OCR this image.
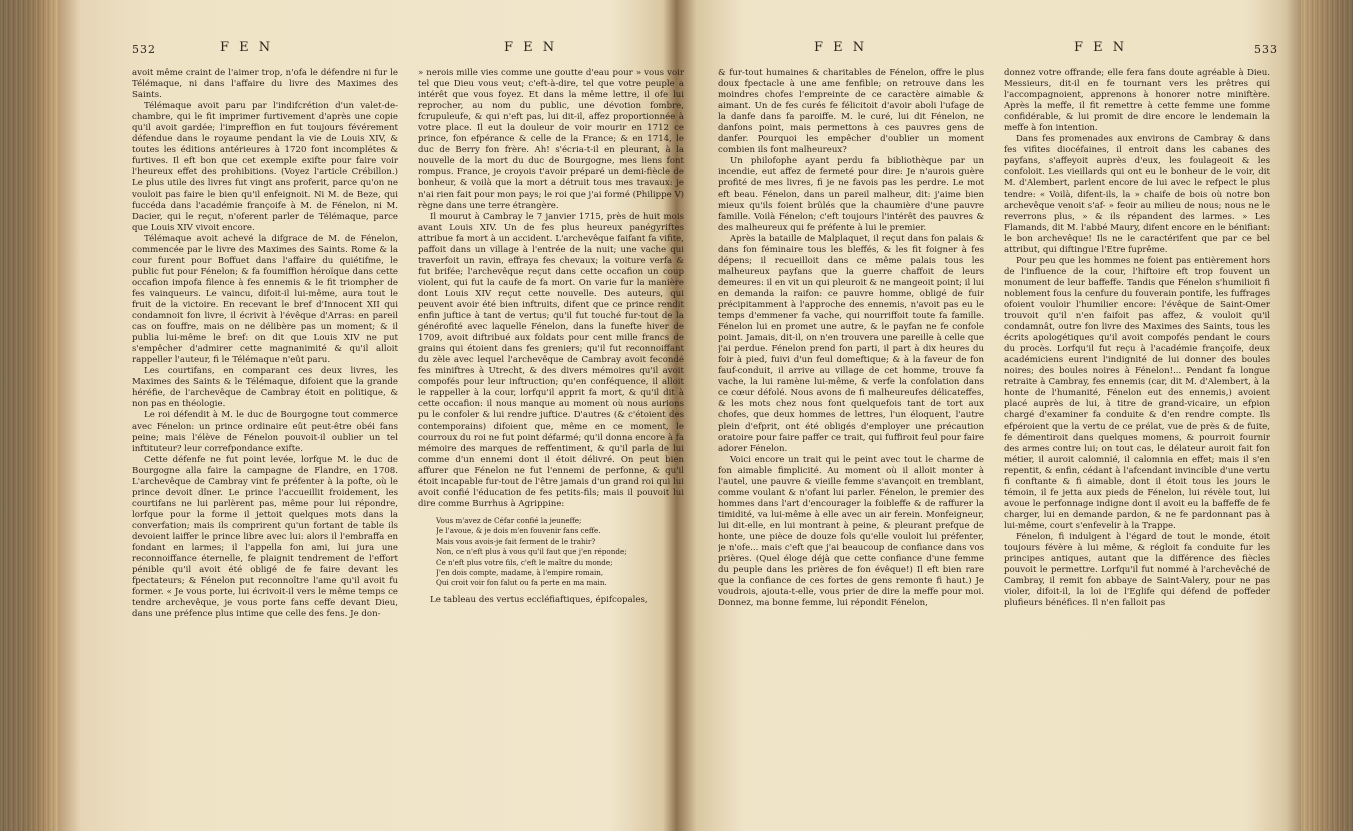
532	F E N	F E N

avoit même craint de l'aimer trop, n'ofa le défendre ni fur le Télémaque, ni dans l'affaire du livre des Maximes des Saints.

Télémaque avoit paru par l'indifcrétion d'un valet-de-chambre, qui le fit imprimer furtivement d'après une copie qu'il avoit gardée; l'impreffion en fut toujours févérement défendue dans le royaume pendant la vie de Louis XIV, & toutes les éditions antérieures à 1720 font incomplétes & furtives. Il eft bon que cet exemple exifte pour faire voir l'heureux effet des prohibitions. (Voyez l'article Crébillon.) Le plus utile des livres fut vingt ans proferit, parce qu'on ne vouloit pas faire le bien qu'il enfeignoit. Ni M. de Beze, qui fuccéda dans l'académie françoife à M. de Fénelon, ni M. Dacier, qui le reçut, n'oferent parler de Télémaque, parce que Louis XIV vivoit encore.

Télémaque avoit achevé la difgrace de M. de Fénelon, commencée par le livre des Maximes des Saints. Rome & la cour furent pour Boffuet dans l'affaire du quiétifme, le public fut pour Fénelon; & fa foumiffion héroïque dans cette occafion impofa filence à fes ennemis & le fit triompher de fes vainqueurs. Le vaincu, difoit-il lui-même, aura tout le fruit de la victoire. En recevant le bref d'Innocent XII qui condamnoit fon livre, il écrivit à l'évêque d'Arras: en pareil cas on fouffre, mais on ne délibère pas un moment; & il publia lui-même le bref: on dit que Louis XIV ne put s'empêcher d'admirer cette magnanimité & qu'il alloit rappeller l'auteur, fi le Télémaque n'eût paru.

Les courtifans, en comparant ces deux livres, les Maximes des Saints & le Télémaque, difoient que la grande héréfie, de l'archevêque de Cambray étoit en politique, & non pas en théologie.

Le roi défendit à M. le duc de Bourgogne tout commerce avec Fénelon: un prince ordinaire eût peut-être obéi fans peine; mais l'élève de Fénelon pouvoit-il oublier un tel inftituteur? leur correfpondance exifte.

Cette défenfe ne fut point levée, lorfque M. le duc de Bourgogne alla faire la campagne de Flandre, en 1708. L'archevêque de Cambray vint fe préfenter à la pofte, où le prince devoit dîner. Le prince l'accueillit froidement, les courtifans ne lui parlèrent pas, même pour lui répondre, lorfque pour la forme il jettoit quelques mots dans la converfation; mais ils comprirent qu'un fortant de table ils devoient laiffer le prince libre avec lui: alors il l'embraffa en fondant en larmes; il l'appella fon ami, lui jura une reconnoiffance éternelle, fe plaignit tendrement de l'effort pénible qu'il avoit été obligé de fe faire devant les fpectateurs; & Fénelon put reconnoître l'ame qu'il avoit fu former. « Je vous porte, lui écrivoit-il vers le même temps ce tendre archevêque, je vous porte fans ceffe devant Dieu, dans une préfence plus intime que celle des fens. Je don-

» nerois mille vies comme une goutte d'eau pour » vous voir tel que Dieu vous veut; c'eft-à-dire, tel que votre peuple a intérêt que vous foyez. Et dans la même lettre, il ofe lui reprocher, au nom du public, une dévotion fombre, fcrupuleufe, & qui n'eft pas, lui dit-il, affez proportionnée à votre place. Il eut la douleur de voir mourir en 1712 ce prince, fon efpérance & celle de la France; & en 1714, le duc de Berry fon frère. Ah! s'écria-t-il en pleurant, à la nouvelle de la mort du duc de Bourgogne, mes liens font rompus. France, je croyois t'avoir préparé un demi-fiècle de bonheur, & voilà que la mort a détruit tous mes travaux: je n'ai rien fait pour mon pays; le roi que j'ai formé (Philippe V) règne dans une terre étrangère.

Il mourut à Cambray le 7 janvier 1715, près de huit mois avant Louis XIV. Un de fes plus heureux panégyriftes attribue fa mort à un accident. L'archevêque faifant fa vifite, paffoit dans un village à l'entrée de la nuit; une vache qui traverfoit un ravin, effraya fes chevaux; la voiture verfa & fut brifée; l'archevêque reçut dans cette occafion un coup violent, qui fut la caufe de fa mort. On varie fur la manière dont Louis XIV reçut cette nouvelle. Des auteurs, qui peuvent avoir été bien inftruits, difent que ce prince rendit enfin juftice à tant de vertus; qu'il fut touché fur-tout de la générofité avec laquelle Fénelon, dans la funefte hiver de 1709, avoit diftribué aux foldats pour cent mille francs de grains qui étoient dans fes greniers; qu'il fut reconnoiffant du zèle avec lequel l'archevêque de Cambray avoit fecondé fes miniftres à Utrecht, & des divers mémoires qu'il avoit compofés pour leur inftruction; qu'en conféquence, il alloit le rappeller à la cour, lorfqu'il apprit fa mort, & qu'il dit à cette occafion: il nous manque au moment où nous aurions pu le confoler & lui rendre juftice. D'autres (& c'étoient des contemporains) difoient que, même en ce moment, le courroux du roi ne fut point défarmé; qu'il donna encore à fa mémoire des marques de reffentiment, & qu'il parla de lui comme d'un ennemi dont il étoit délivré. On peut bien affurer que Fénelon ne fut l'ennemi de perfonne, & qu'il étoit incapable fur-tout de l'être jamais d'un grand roi qui lui avoit confié l'éducation de fes petits-fils; mais il pouvoit lui dire comme Burrhus à Agrippine:

Vous m'avez de Céfar confié la jeuneffe;
Je l'avoue, & je dois m'en fouvenir fans ceffe.
Mais vous avois-je fait ferment de le trahir?
Non, ce n'eft plus à vous qu'il faut que j'en réponde;
Ce n'eft plus votre fils, c'eft le maître du monde;
J'en dois compte, madame, à l'empire romain,
Qui croit voir fon falut ou fa perte en ma main.

Le tableau des vertus eccléfiaftiques, épifcopales,

F E N	F E N	533

& fur-tout humaines & charitables de Fénelon, offre le plus doux fpectacle à une ame fenfible; on retrouve dans les moindres chofes l'empreinte de ce caractère aimable & aimant. Un de fes curés fe félicitoit d'avoir aboli l'ufage de la danfe dans fa paroiffe. M. le curé, lui dit Fénelon, ne danfons point, mais permettons à ces pauvres gens de danfer. Pourquoi les empêcher d'oublier un moment combien ils font malheureux?

Un philofophe ayant perdu fa bibliothèque par un incendie, eut affez de fermeté pour dire: Je n'aurois guère profité de mes livres, fi je ne favois pas les perdre. Le mot eft beau. Fénelon, dans un pareil malheur, dit: j'aime bien mieux qu'ils foient brûlés que la chaumière d'une pauvre famille. Voilà Fénelon; c'eft toujours l'intérêt des pauvres & des malheureux qui fe préfente à lui le premier.

Après la bataille de Malplaquet, il reçut dans fon palais & dans fon féminaire tous les bleffés, & les fit foigner à fes dépens; il recueilloit dans ce même palais tous les malheureux payfans que la guerre chaffoit de leurs demeures: il en vit un qui pleuroit & ne mangeoit point; il lui en demanda la raifon: ce pauvre homme, obligé de fuir précipitamment à l'approche des ennemis, n'avoit pas eu le temps d'emmener fa vache, qui nourriffoit toute fa famille. Fénelon lui en promet une autre, & le payfan ne fe confole point. Jamais, dit-il, on n'en trouvera une pareille à celle que j'ai perdue. Fénelon prend fon parti, il part à dix heures du foir à pied, fuivi d'un feul domeftique; & à la faveur de fon fauf-conduit, il arrive au village de cet homme, trouve fa vache, la lui ramène lui-même, & verfe la confolation dans ce cœur défolé. Nous avons de fi malheureufes délicateffes, & les mots chez nous font quelquefois tant de tort aux chofes, que deux hommes de lettres, l'un éloquent, l'autre plein d'efprit, ont été obligés d'employer une précaution oratoire pour faire paffer ce trait, qui fuffiroit feul pour faire adorer Fénelon.

Voici encore un trait qui le peint avec tout le charme de fon aimable fimplicité. Au moment où il alloit monter à l'autel, une pauvre & vieille femme s'avançoit en tremblant, comme voulant & n'ofant lui parler. Fénelon, le premier des hommes dans l'art d'encourager la foibleffe & de raffurer la timidité, va lui-même à elle avec un air ferein. Monfeigneur, lui dit-elle, en lui montrant à peine, & pleurant prefque de honte, une pièce de douze fols qu'elle vouloit lui préfenter, je n'ofe... mais c'eft que j'ai beaucoup de confiance dans vos prières. (Quel éloge déjà que cette confiance d'une femme du peuple dans les prières de fon évêque!) Il eft bien rare que la confiance de ces fortes de gens remonte fi haut.) Je voudrois, ajouta-t-elle, vous prier de dire la meffe pour moi. Donnez, ma bonne femme, lui répondit Fénelon,

donnez votre offrande; elle fera fans doute agréable à Dieu. Messieurs, dit-il en fe tournant vers les prêtres qui l'accompagnoient, apprenons à honorer notre miniftère. Après la meffe, il fit remettre à cette femme une fomme confidérable, & lui promit de dire encore le lendemain la meffe à fon intention.

Dans fes promenades aux environs de Cambray & dans fes vifites diocéfaines, il entroit dans les cabanes des payfans, s'affeyoit auprès d'eux, les foulageoit & les confoloit. Les vieillards qui ont eu le bonheur de le voir, dit M. d'Alembert, parlent encore de lui avec le refpect le plus tendre: « Voilà, difent-ils, la » chaife de bois où notre bon archevêque venoit s'af- » feoir au milieu de nous; nous ne le reverrons plus, » & ils répandent des larmes. » Les Flamands, dit M. l'abbé Maury, difent encore en le bénifiant: le bon archevêque! Ils ne le caractérifent que par ce bel attribut, qui diftingue l'Etre fuprême.

Pour peu que les hommes ne foient pas entièrement hors de l'influence de la cour, l'hiftoire eft trop fouvent un monument de leur baffeffe. Tandis que Fénelon s'humilioit fi noblement fous la cenfure du fouverain pontife, les fuffrages ofoient vouloir l'humilier encore: l'évêque de Saint-Omer trouvoit qu'il n'en faifoit pas affez, & vouloit qu'il condamnât, outre fon livre des Maximes des Saints, tous les écrits apologétiques qu'il avoit compofés pendant le cours du procès. Lorfqu'il fut reçu à l'académie françoife, deux académiciens eurent l'indignité de lui donner des boules noires; des boules noires à Fénelon!... Pendant fa longue retraite à Cambray, fes ennemis (car, dit M. d'Alembert, à la honte de l'humanité, Fénelon eut des ennemis,) avoient placé auprès de lui, à titre de grand-vicaire, un efpion chargé d'examiner fa conduite & d'en rendre compte. Ils efpéroient que la vertu de ce prélat, vue de près & de fuite, fe démentiroit dans quelques momens, & pourroit fournir des armes contre lui; on tout cas, le délateur auroit fait fon métier, il auroit calomnié, il calomnia en effet; mais il s'en repentit, & enfin, cédant à l'afcendant invincible d'une vertu fi conftante & fi aimable, dont il étoit tous les jours le témoin, il fe jetta aux pieds de Fénelon, lui révèle tout, lui avoue le perfonnage indigne dont il avoit eu la baffeffe de fe charger, lui en demande pardon, & ne fe pardonnant pas à lui-même, court s'enfevelir à la Trappe.

Fénelon, fi indulgent à l'égard de tout le monde, étoit toujours févère à lui même, & régloit fa conduite fur les principes antiques, autant que la différence des fiècles pouvoit le permettre. Lorfqu'il fut nommé à l'archevêché de Cambray, il remit fon abbaye de Saint-Valery, pour ne pas violer, difoit-il, la loi de l'Eglife qui défend de poffeder plufieurs bénéfices. Il n'en falloit pas
